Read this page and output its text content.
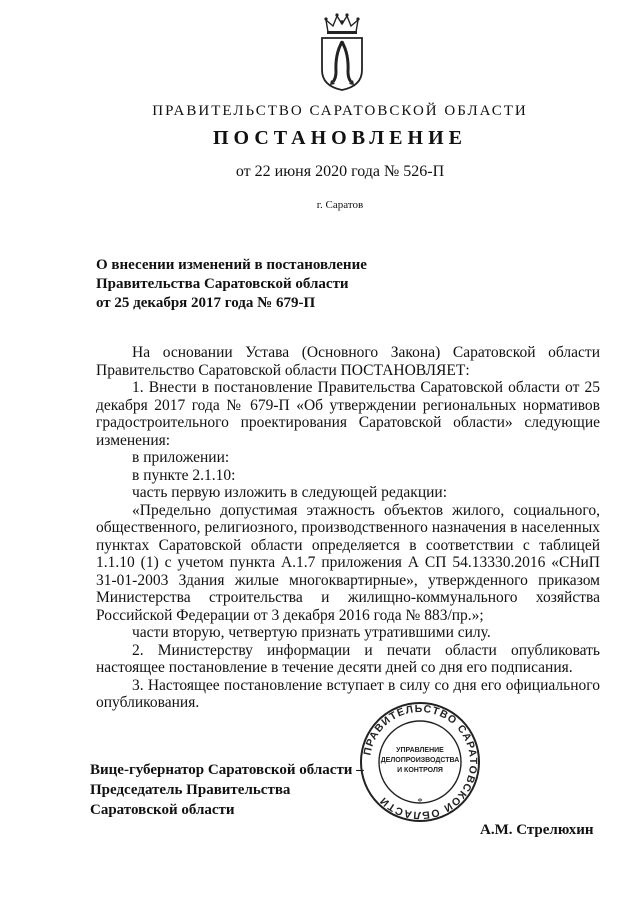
ПРАВИТЕЛЬСТВО САРАТОВСКОЙ ОБЛАСТИ
ПОСТАНОВЛЕНИЕ
от 22 июня 2020 года № 526-П
г. Саратов
О внесении изменений в постановление
Правительства Саратовской области
от 25 декабря 2017 года № 679-П

На основании Устава (Основного Закона) Саратовской области Правительство Саратовской области ПОСТАНОВЛЯЕТ:

1. Внести в постановление Правительства Саратовской области от 25 декабря 2017 года № 679-П «Об утверждении региональных нормативов градостроительного проектирования Саратовской области» следующие изменения:

в приложении:

в пункте 2.1.10:

часть первую изложить в следующей редакции:

«Предельно допустимая этажность объектов жилого, социального, общественного, религиозного, производственного назначения в населенных пунктах Саратовской области определяется в соответствии с таблицей 1.1.10 (1) с учетом пункта А.1.7 приложения А СП 54.13330.2016 «СНиП 31-01-2003 Здания жилые многоквартирные», утвержденного приказом Министерства строительства и жилищно-коммунального хозяйства Российской Федерации от 3 декабря 2016 года № 883/пр.»;

части вторую, четвертую признать утратившими силу.

2. Министерству информации и печати области опубликовать настоящее постановление в течение десяти дней со дня его подписания.

3. Настоящее постановление вступает в силу со дня его официального опубликования.

Вице-губернатор Саратовской области –
Председатель Правительства
Саратовской области
А.М. Стрелюхин
ПРАВИТЕЛЬСТВО САРАТОВСКОЙ ОБЛАСТИ
УПРАВЛЕНИЕ
ДЕЛОПРОИЗВОДСТВА
И КОНТРОЛЯ
*
